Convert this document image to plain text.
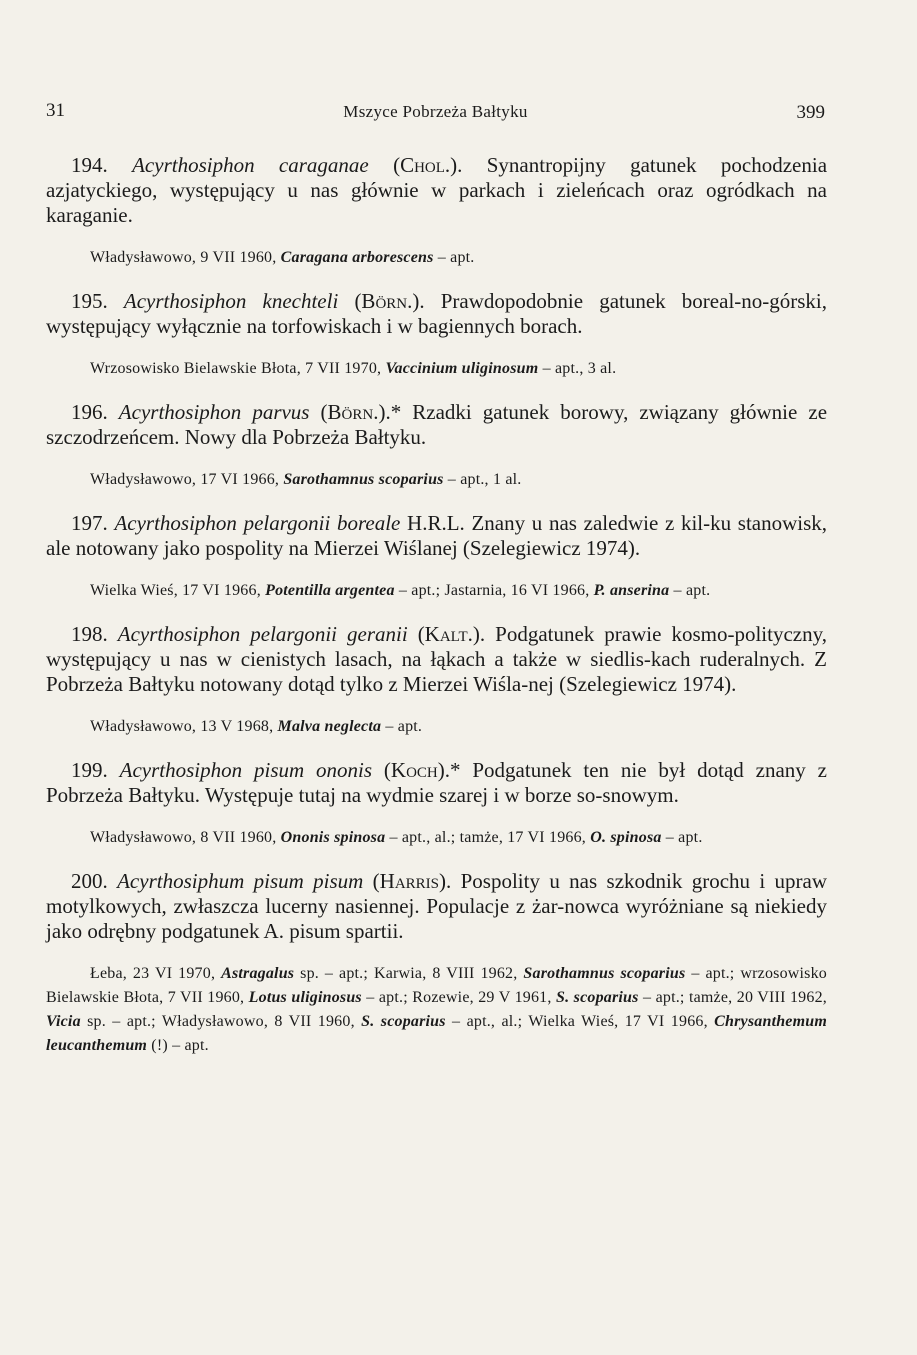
31	Mszyce Pobrzeża Bałtyku	399

194. Acyrthosiphon caraganae (Chol.). Synantropijny gatunek pochodzenia azjatyckiego, występujący u nas głównie w parkach i zieleńcach oraz ogródkach na karaganie.

Władysławowo, 9 VII 1960, Caragana arborescens – apt.

195. Acyrthosiphon knechteli (Börn.). Prawdopodobnie gatunek boreal-no-górski, występujący wyłącznie na torfowiskach i w bagiennych borach.

Wrzosowisko Bielawskie Błota, 7 VII 1970, Vaccinium uliginosum – apt., 3 al.

196. Acyrthosiphon parvus (Börn.).* Rzadki gatunek borowy, związany głównie ze szczodrzeńcem. Nowy dla Pobrzeża Bałtyku.

Władysławowo, 17 VI 1966, Sarothamnus scoparius – apt., 1 al.

197. Acyrthosiphon pelargonii boreale H.R.L. Znany u nas zaledwie z kil-ku stanowisk, ale notowany jako pospolity na Mierzei Wiślanej (Szelegiewicz 1974).

Wielka Wieś, 17 VI 1966, Potentilla argentea – apt.; Jastarnia, 16 VI 1966, P. anserina – apt.

198. Acyrthosiphon pelargonii geranii (Kalt.). Podgatunek prawie kosmo-polityczny, występujący u nas w cienistych lasach, na łąkach a także w siedlis-kach ruderalnych. Z Pobrzeża Bałtyku notowany dotąd tylko z Mierzei Wiśla-nej (Szelegiewicz 1974).

Władysławowo, 13 V 1968, Malva neglecta – apt.

199. Acyrthosiphon pisum ononis (Koch).* Podgatunek ten nie był dotąd znany z Pobrzeża Bałtyku. Występuje tutaj na wydmie szarej i w borze so-snowym.

Władysławowo, 8 VII 1960, Ononis spinosa – apt., al.; tamże, 17 VI 1966, O. spinosa – apt.

200. Acyrthosiphum pisum pisum (Harris). Pospolity u nas szkodnik grochu i upraw motylkowych, zwłaszcza lucerny nasiennej. Populacje z żar-nowca wyróżniane są niekiedy jako odrębny podgatunek A. pisum spartii.

Łeba, 23 VI 1970, Astragalus sp. – apt.; Karwia, 8 VIII 1962, Sarothamnus scoparius – apt.; wrzosowisko Bielawskie Błota, 7 VII 1960, Lotus uliginosus – apt.; Rozewie, 29 V 1961, S. scoparius – apt.; tamże, 20 VIII 1962, Vicia sp. – apt.; Władysławowo, 8 VII 1960, S. scoparius – apt., al.; Wielka Wieś, 17 VI 1966, Chrysanthemum leucanthemum (!) – apt.
